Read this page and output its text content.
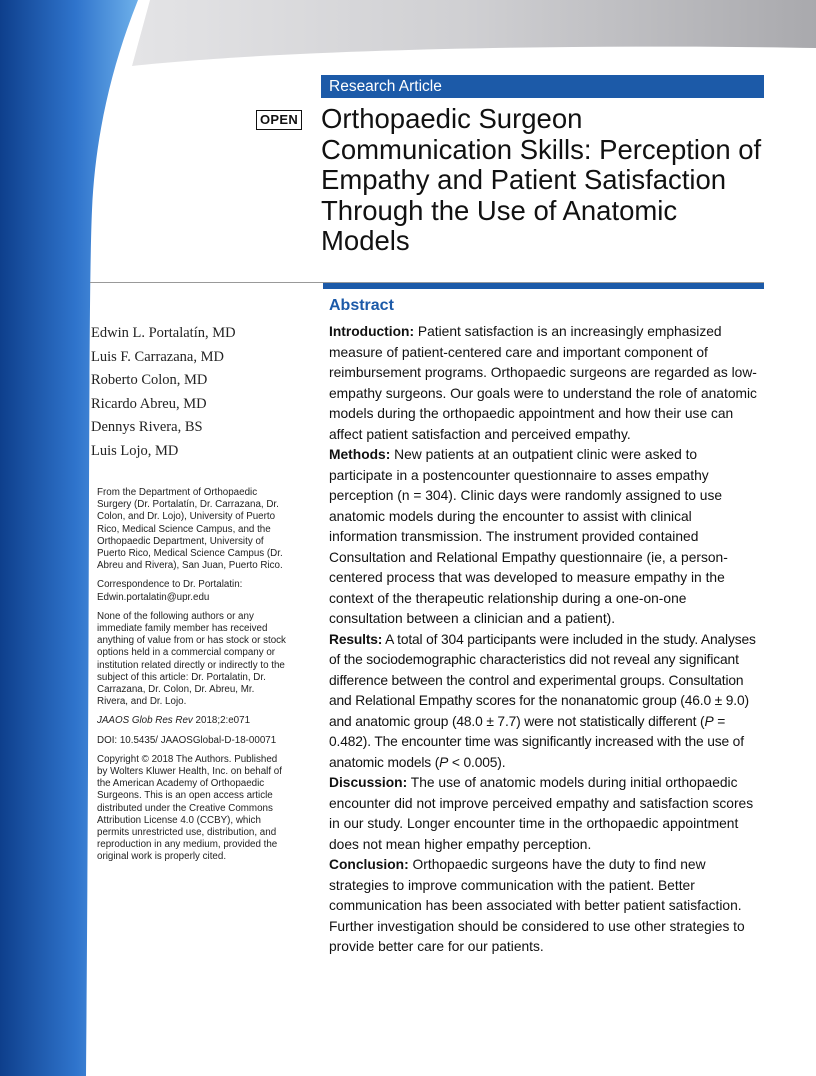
Research Article
OPEN Orthopaedic Surgeon Communication Skills: Perception of Empathy and Patient Satisfaction Through the Use of Anatomic Models
Abstract
Edwin L. Portalatín, MD
Luis F. Carrazana, MD
Roberto Colon, MD
Ricardo Abreu, MD
Dennys Rivera, BS
Luis Lojo, MD

From the Department of Orthopaedic Surgery (Dr. Portalatín, Dr. Carrazana, Dr. Colon, and Dr. Lojo), University of Puerto Rico, Medical Science Campus, and the Orthopaedic Department, University of Puerto Rico, Medical Science Campus (Dr. Abreu and Rivera), San Juan, Puerto Rico.

Correspondence to Dr. Portalatin: Edwin.portalatin@upr.edu

None of the following authors or any immediate family member has received anything of value from or has stock or stock options held in a commercial company or institution related directly or indirectly to the subject of this article: Dr. Portalatin, Dr. Carrazana, Dr. Colon, Dr. Abreu, Mr. Rivera, and Dr. Lojo.

JAAOS Glob Res Rev 2018;2:e071

DOI: 10.5435/ JAAOSGlobal-D-18-00071

Copyright © 2018 The Authors. Published by Wolters Kluwer Health, Inc. on behalf of the American Academy of Orthopaedic Surgeons. This is an open access article distributed under the Creative Commons Attribution License 4.0 (CCBY), which permits unrestricted use, distribution, and reproduction in any medium, provided the original work is properly cited.

Introduction: Patient satisfaction is an increasingly emphasized measure of patient-centered care and important component of reimbursement programs. Orthopaedic surgeons are regarded as low-empathy surgeons. Our goals were to understand the role of anatomic models during the orthopaedic appointment and how their use can affect patient satisfaction and perceived empathy.

Methods: New patients at an outpatient clinic were asked to participate in a postencounter questionnaire to asses empathy perception (n = 304). Clinic days were randomly assigned to use anatomic models during the encounter to assist with clinical information transmission. The instrument provided contained Consultation and Relational Empathy questionnaire (ie, a person-centered process that was developed to measure empathy in the context of the therapeutic relationship during a one-on-one consultation between a clinician and a patient).

Results: A total of 304 participants were included in the study. Analyses of the sociodemographic characteristics did not reveal any significant difference between the control and experimental groups. Consultation and Relational Empathy scores for the nonanatomic group (46.0 ± 9.0) and anatomic group (48.0 ± 7.7) were not statistically different (P = 0.482). The encounter time was significantly increased with the use of anatomic models (P < 0.005).

Discussion: The use of anatomic models during initial orthopaedic encounter did not improve perceived empathy and satisfaction scores in our study. Longer encounter time in the orthopaedic appointment does not mean higher empathy perception.

Conclusion: Orthopaedic surgeons have the duty to find new strategies to improve communication with the patient. Better communication has been associated with better patient satisfaction. Further investigation should be considered to use other strategies to provide better care for our patients.
